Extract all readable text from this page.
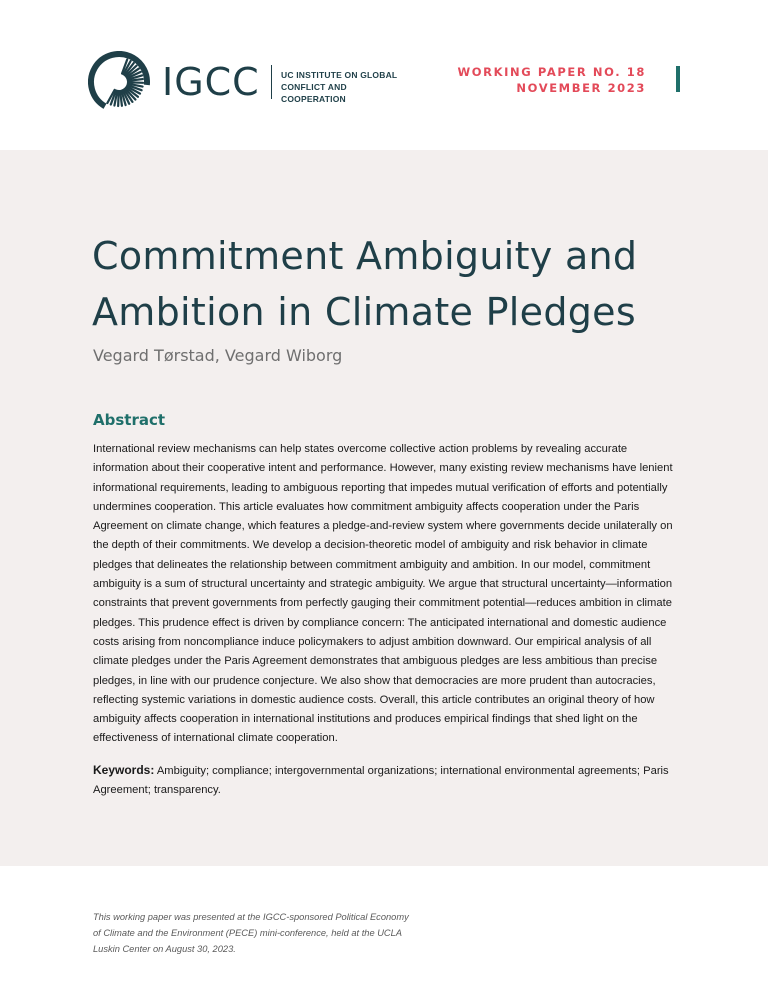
IGCC	UC INSTITUTE ON GLOBAL
CONFLICT AND COOPERATION
WORKING PAPER NO. 18
NOVEMBER 2023
Commitment Ambiguity and
Ambition in Climate Pledges
Vegard Tørstad, Vegard Wiborg
Abstract

International review mechanisms can help states overcome collective action problems by revealing accurate information about their cooperative intent and performance. However, many existing review mechanisms have lenient informational requirements, leading to ambiguous reporting that impedes mutual verification of efforts and potentially undermines cooperation. This article evaluates how commitment ambiguity affects cooperation under the Paris Agreement on climate change, which features a pledge-and-review system where governments decide unilaterally on the depth of their commitments. We develop a decision-theoretic model of ambiguity and risk behavior in climate pledges that delineates the relationship between commitment ambiguity and ambition. In our model, commitment ambiguity is a sum of structural uncertainty and strategic ambiguity. We argue that structural uncertainty—information constraints that prevent governments from perfectly gauging their commitment potential—reduces ambition in climate pledges. This prudence effect is driven by compliance concern: The anticipated international and domestic audience costs arising from noncompliance induce policymakers to adjust ambition downward. Our empirical analysis of all climate pledges under the Paris Agreement demonstrates that ambiguous pledges are less ambitious than precise pledges, in line with our prudence conjecture. We also show that democracies are more prudent than autocracies, reflecting systemic variations in domestic audience costs. Overall, this article contributes an original theory of how ambiguity affects cooperation in international institutions and produces empirical findings that shed light on the effectiveness of international climate cooperation.

Keywords: Ambiguity; compliance; intergovernmental organizations; international environmental agreements; Paris Agreement; transparency.

This working paper was presented at the IGCC-sponsored Political Economy of Climate and the Environment (PECE) mini-conference, held at the UCLA Luskin Center on August 30, 2023.
